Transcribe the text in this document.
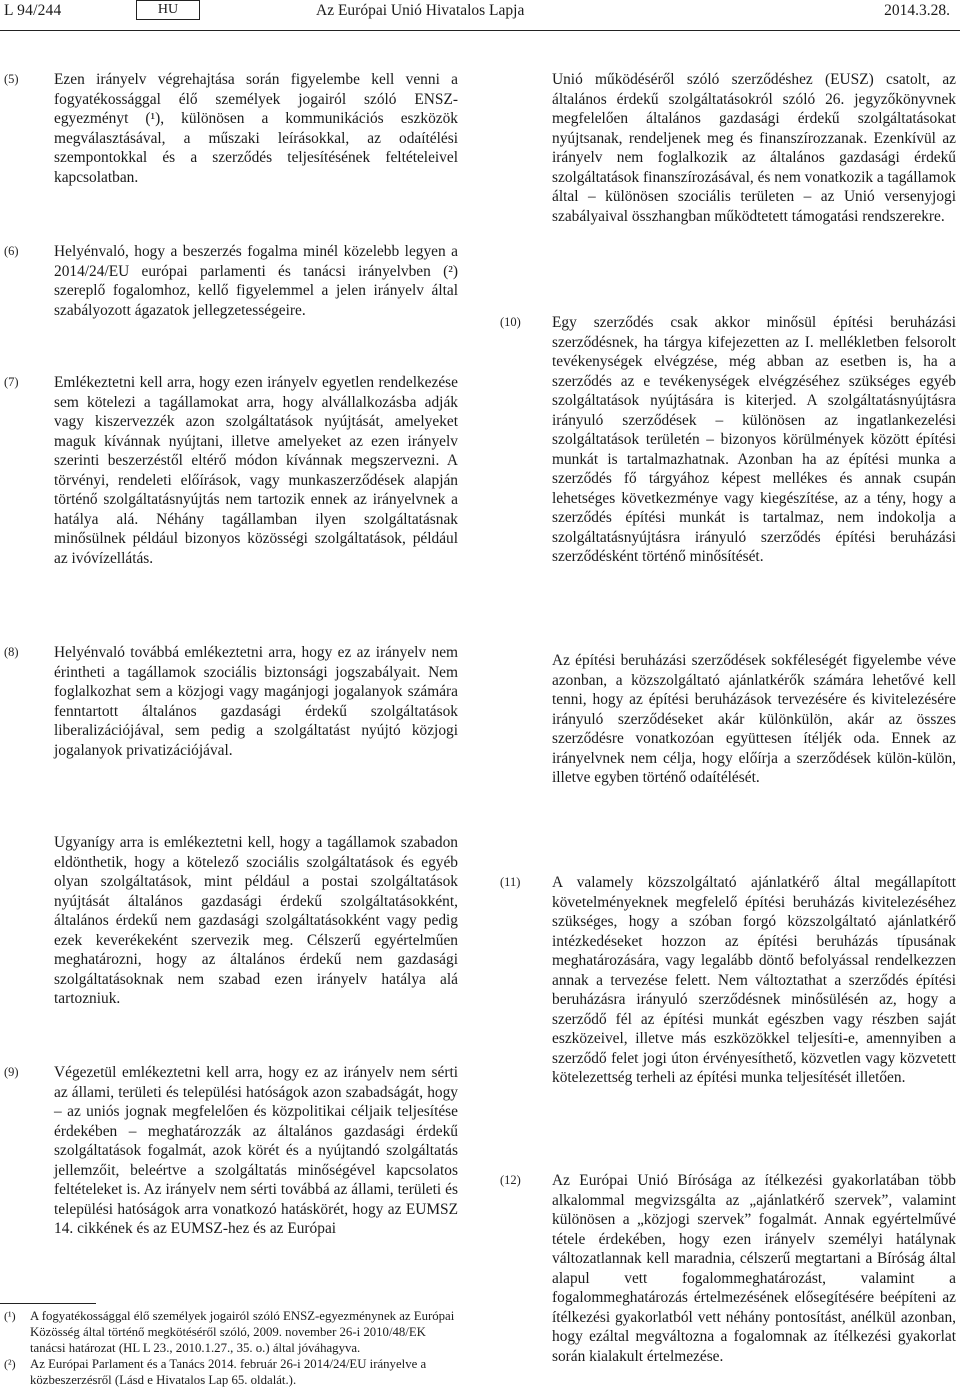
L 94/244	HU	Az Európai Unió Hivatalos Lapja	2014.3.28.
(5) Ezen irányelv végrehajtása során figyelembe kell venni a fogyatékossággal élő személyek jogairól szóló ENSZ-egyezményt (¹), különösen a kommunikációs eszközök megválasztásával, a műszaki leírásokkal, az odaítélési szempontokkal és a szerződés teljesítésének feltételeivel kapcsolatban.

(6) Helyénvaló, hogy a beszerzés fogalma minél közelebb legyen a 2014/24/EU európai parlamenti és tanácsi irányelvben (²) szereplő fogalomhoz, kellő figyelemmel a jelen irányelv által szabályozott ágazatok jellegzetességeire.

(7) Emlékeztetni kell arra, hogy ezen irányelv egyetlen rendelkezése sem kötelezi a tagállamokat arra, hogy alvállalkozásba adják vagy kiszervezzék azon szolgáltatások nyújtását, amelyeket maguk kívánnak nyújtani, illetve amelyeket az ezen irányelv szerinti beszerzéstől eltérő módon kívánnak megszervezni. A törvényi, rendeleti előírások, vagy munkaszerződések alapján történő szolgáltatásnyújtás nem tartozik ennek az irányelvnek a hatálya alá. Néhány tagállamban ilyen szolgáltatásnak minősülnek például bizonyos közösségi szolgáltatások, például az ivóvízellátás.

(8) Helyénvaló továbbá emlékeztetni arra, hogy ez az irányelv nem érintheti a tagállamok szociális biztonsági jogszabályait. Nem foglalkozhat sem a közjogi vagy magánjogi jogalanyok számára fenntartott általános gazdasági érdekű szolgáltatások liberalizációjával, sem pedig a szolgáltatást nyújtó közjogi jogalanyok privatizációjával.

Ugyanígy arra is emlékeztetni kell, hogy a tagállamok szabadon eldönthetik, hogy a kötelező szociális szolgáltatások és egyéb olyan szolgáltatások, mint például a postai szolgáltatások nyújtását általános gazdasági érdekű szolgáltatásokként, általános érdekű nem gazdasági szolgáltatásokként vagy pedig ezek keverékeként szervezik meg. Célszerű egyértelműen meghatározni, hogy az általános érdekű nem gazdasági szolgáltatásoknak nem szabad ezen irányelv hatálya alá tartozniuk.

(9) Végezetül emlékeztetni kell arra, hogy ez az irányelv nem sérti az állami, területi és települési hatóságok azon szabadságát, hogy – az uniós jognak megfelelően és közpolitikai céljaik teljesítése érdekében – meghatározzák az általános gazdasági érdekű szolgáltatások fogalmát, azok körét és a nyújtandó szolgáltatás jellemzőit, beleértve a szolgáltatás minőségével kapcsolatos feltételeket is. Az irányelv nem sérti továbbá az állami, területi és települési hatóságok arra vonatkozó hatáskörét, hogy az EUMSZ 14. cikkének és az EUMSZ-hez és az Európai

(¹) A fogyatékossággal élő személyek jogairól szóló ENSZ-egyezménynek az Európai Közösség által történő megkötéséről szóló, 2009. november 26-i 2010/48/EK tanácsi határozat (HL L 23., 2010.1.27., 35. o.) által jóváhagyva.

(²) Az Európai Parlament és a Tanács 2014. február 26-i 2014/24/EU irányelve a közbeszerzésről (Lásd e Hivatalos Lap 65. oldalát.).

Unió működéséről szóló szerződéshez (EUSZ) csatolt, az általános érdekű szolgáltatásokról szóló 26. jegyzőkönyvnek megfelelően általános gazdasági érdekű szolgáltatásokat nyújtsanak, rendeljenek meg és finanszírozzanak. Ezenkívül az irányelv nem foglalkozik az általános gazdasági érdekű szolgáltatások finanszírozásával, és nem vonatkozik a tagállamok által – különösen szociális területen – az Unió versenyjogi szabályaival összhangban működtetett támogatási rendszerekre.

(10) Egy szerződés csak akkor minősül építési beruházási szerződésnek, ha tárgya kifejezetten az I. mellékletben felsorolt tevékenységek elvégzése, még abban az esetben is, ha a szerződés az e tevékenységek elvégzéséhez szükséges egyéb szolgáltatások nyújtására is kiterjed. A szolgáltatásnyújtásra irányuló szerződések – különösen az ingatlankezelési szolgáltatások területén – bizonyos körülmények között építési munkát is tartalmazhatnak. Azonban ha az építési munka a szerződés fő tárgyához képest mellékes és annak csupán lehetséges következménye vagy kiegészítése, az a tény, hogy a szerződés építési munkát is tartalmaz, nem indokolja a szolgáltatásnyújtásra irányuló szerződés építési beruházási szerződésként történő minősítését.

Az építési beruházási szerződések sokféleségét figyelembe véve azonban, a közszolgáltató ajánlatkérők számára lehetővé kell tenni, hogy az építési beruházások tervezésére és kivitelezésére irányuló szerződéseket akár különkülön, akár az összes szerződésre vonatkozóan együttesen ítéljék oda. Ennek az irányelvnek nem célja, hogy előírja a szerződések külön-külön, illetve egyben történő odaítélését.

(11) A valamely közszolgáltató ajánlatkérő által megállapított követelményeknek megfelelő építési beruházás kivitelezéséhez szükséges, hogy a szóban forgó közszolgáltató ajánlatkérő intézkedéseket hozzon az építési beruházás típusának meghatározására, vagy legalább döntő befolyással rendelkezzen annak a tervezése felett. Nem változtathat a szerződés építési beruházásra irányuló szerződésnek minősülésén az, hogy a szerződő fél az építési munkát egészben vagy részben saját eszközeivel, illetve más eszközökkel teljesíti-e, amennyiben a szerződő felet jogi úton érvényesíthető, közvetlen vagy közvetett kötelezettség terheli az építési munka teljesítését illetően.

(12) Az Európai Unió Bírósága az ítélkezési gyakorlatában több alkalommal megvizsgálta az „ajánlatkérő szervek”, valamint különösen a „közjogi szervek” fogalmát. Annak egyértelművé tétele érdekében, hogy ezen irányelv személyi hatálynak változatlannak kell maradnia, célszerű megtartani a Bíróság által alapul vett fogalommeghatározást, valamint a fogalommeghatározás értelmezésének elősegítésére beépíteni az ítélkezési gyakorlatból vett néhány pontosítást, anélkül azonban, hogy ezáltal megváltozna a fogalomnak az ítélkezési gyakorlat során kialakult értelmezése.
